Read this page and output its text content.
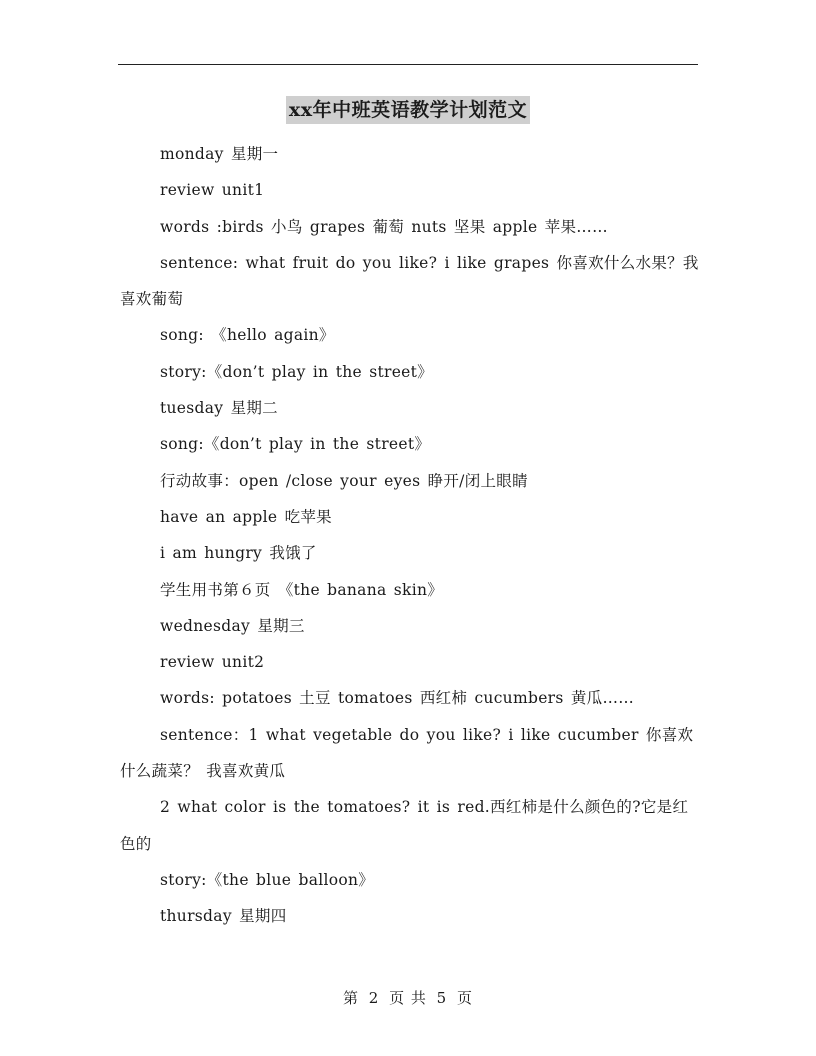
xx年中班英语教学计划范文

monday 星期一

review unit1

words :birds 小鸟 grapes 葡萄 nuts 坚果 apple 苹果……

sentence: what fruit do you like? i like grapes 你喜欢什么水果？我喜欢葡萄

song: 《hello again》

story:《don’t play in the street》

tuesday 星期二

song:《don’t play in the street》

行动故事：open /close your eyes 睁开/闭上眼睛

have an apple 吃苹果

i am hungry 我饿了

学生用书第６页 《the banana skin》

wednesday 星期三

review unit2

words: potatoes 土豆 tomatoes 西红柿 cucumbers 黄瓜……

sentence：1 what vegetable do you like? i like cucumber 你喜欢什么蔬菜？ 我喜欢黄瓜

2 what color is the tomatoes? it is red.西红柿是什么颜色的?它是红色的

story:《the blue balloon》

thursday 星期四

第 2 页 共 5 页
